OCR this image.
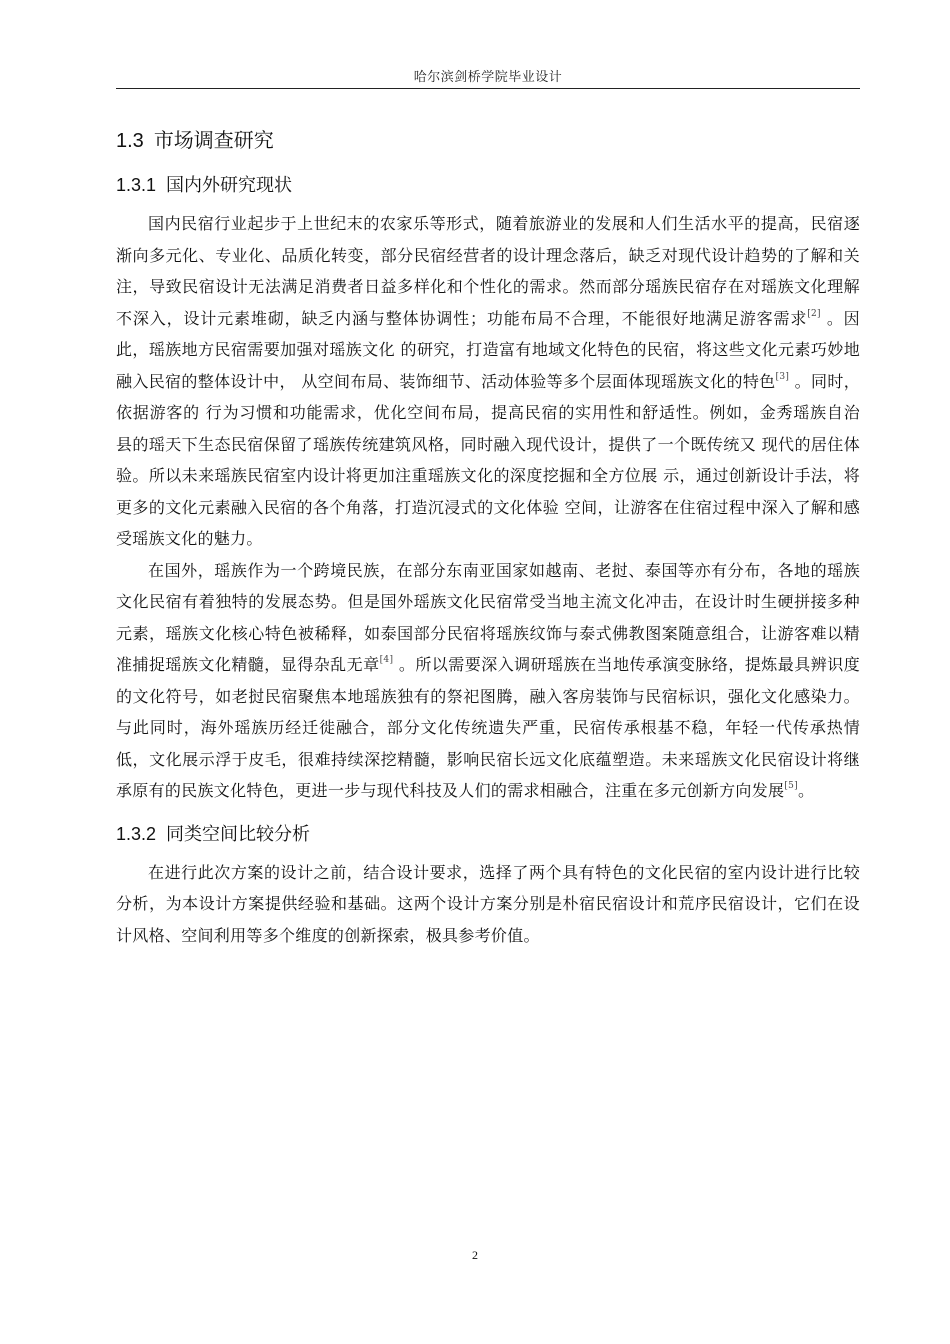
哈尔滨剑桥学院毕业设计
1.3 市场调查研究
1.3.1 国内外研究现状

国内民宿行业起步于上世纪末的农家乐等形式，随着旅游业的发展和人们生活水平的提高，民宿逐渐向多元化、专业化、品质化转变，部分民宿经营者的设计理念落后，缺乏对现代设计趋势的了解和关注，导致民宿设计无法满足消费者日益多样化和个性化的需求。然而部分瑶族民宿存在对瑶族文化理解不深入，设计元素堆砌，缺乏内涵与整体协调性；功能布局不合理，不能很好地满足游客需求[2] 。因此，瑶族地方民宿需要加强对瑶族文化 的研究，打造富有地域文化特色的民宿，将这些文化元素巧妙地融入民宿的整体设计中， 从空间布局、装饰细节、活动体验等多个层面体现瑶族文化的特色[3] 。同时，依据游客的 行为习惯和功能需求，优化空间布局，提高民宿的实用性和舒适性。例如，金秀瑶族自治 县的瑶天下生态民宿保留了瑶族传统建筑风格，同时融入现代设计，提供了一个既传统又 现代的居住体验。所以未来瑶族民宿室内设计将更加注重瑶族文化的深度挖掘和全方位展 示，通过创新设计手法，将更多的文化元素融入民宿的各个角落，打造沉浸式的文化体验 空间，让游客在住宿过程中深入了解和感受瑶族文化的魅力。

在国外，瑶族作为一个跨境民族，在部分东南亚国家如越南、老挝、泰国等亦有分布，各地的瑶族文化民宿有着独特的发展态势。但是国外瑶族文化民宿常受当地主流文化冲击，在设计时生硬拼接多种元素，瑶族文化核心特色被稀释，如泰国部分民宿将瑶族纹饰与泰式佛教图案随意组合，让游客难以精准捕捉瑶族文化精髓，显得杂乱无章[4] 。所以需要深入调研瑶族在当地传承演变脉络，提炼最具辨识度的文化符号，如老挝民宿聚焦本地瑶族独有的祭祀图腾，融入客房装饰与民宿标识，强化文化感染力。与此同时，海外瑶族历经迁徙融合，部分文化传统遗失严重，民宿传承根基不稳，年轻一代传承热情低，文化展示浮于皮毛，很难持续深挖精髓，影响民宿长远文化底蕴塑造。未来瑶族文化民宿设计将继承原有的民族文化特色，更进一步与现代科技及人们的需求相融合，注重在多元创新方向发展[5]。

1.3.2 同类空间比较分析

在进行此次方案的设计之前，结合设计要求，选择了两个具有特色的文化民宿的室内设计进行比较分析，为本设计方案提供经验和基础。这两个设计方案分别是朴宿民宿设计和荒序民宿设计，它们在设计风格、空间利用等多个维度的创新探索，极具参考价值。

2
